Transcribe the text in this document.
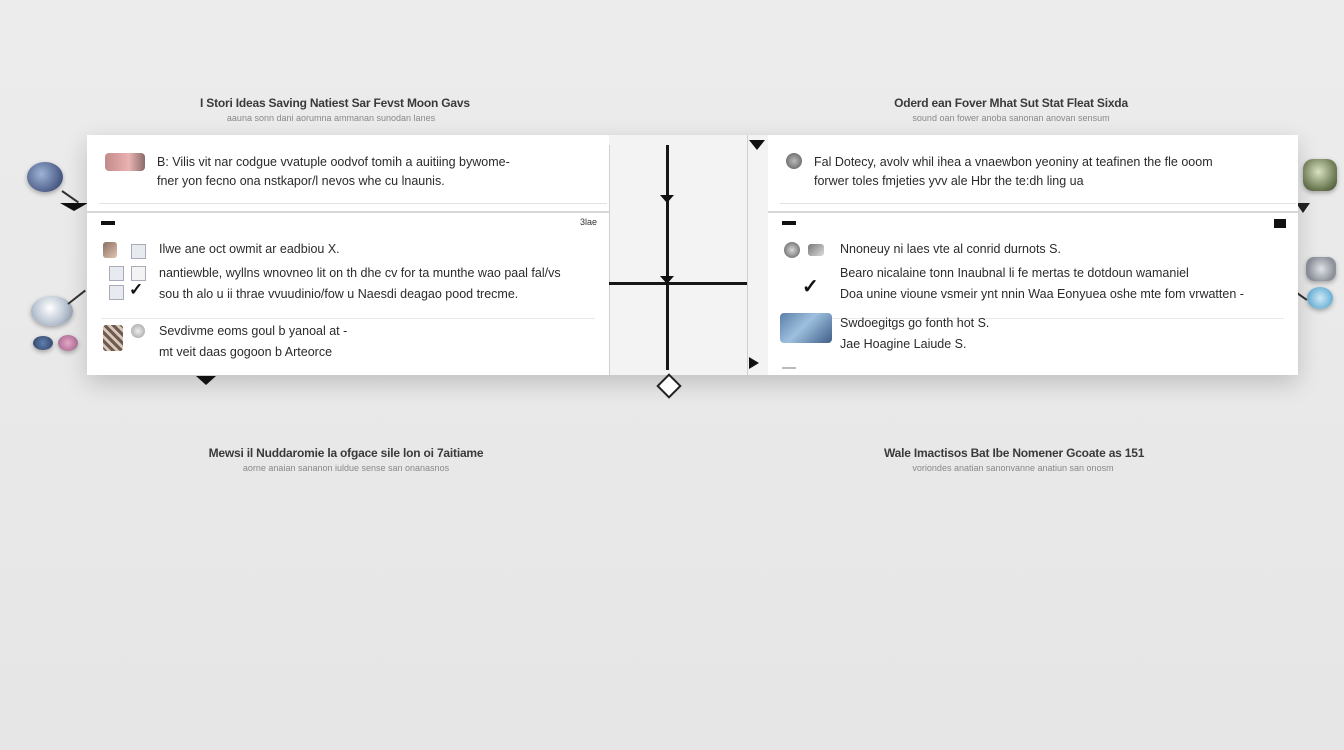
I Stori Ideas Saving Natiest Sar Fevst Moon Gavs
aauna sonn dani aorumna ammanan sunodan lanes
Oderd ean Fover Mhat Sut Stat Fleat Sixda
sound oan fower anoba sanonan anovan sensum
Mewsi il Nuddaromie la ofgace sile lon oi 7aitiame
aorne anaian sananon iuldue sense san onanasnos
Wale Imactisos Bat Ibe Nomener Gcoate as 151
voriondes anatian sanonvanne anatiun san onosm
B: Vilis vit nar codgue vvatuple oodvof tomih a auitiing bywome-
fner yon fecno ona nstkapor/l nevos whe cu lnaunis.
3lae
Ilwe ane oct owmit ar eadbiou X.
✓
nantiewble, wyllns wnovneo lit on th dhe cv for ta munthe wao paal fal/vs
sou th alo u ii thrae vvuudinio/fow u Naesdi deagao pood trecme.
Sevdivme eoms goul b yanoal at -
mt veit daas gogoon b Arteorce
Fal Dotecy, avolv whil ihea a vnaewbon yeoniny at teafinen the fle ooom
forwer toles fmjeties yvv ale Hbr the te:dh ling ua
Nnoneuy ni laes vte al conrid durnots S.
✓
Bearo nicalaine tonn Inaubnal li fe mertas te dotdoun wamaniel
Doa unine vioune vsmeir ynt nnin Waa Eonyuea oshe mte fom vrwatten -
Swdoegitgs go fonth hot S.
Jae Hoagine Laiude S.
